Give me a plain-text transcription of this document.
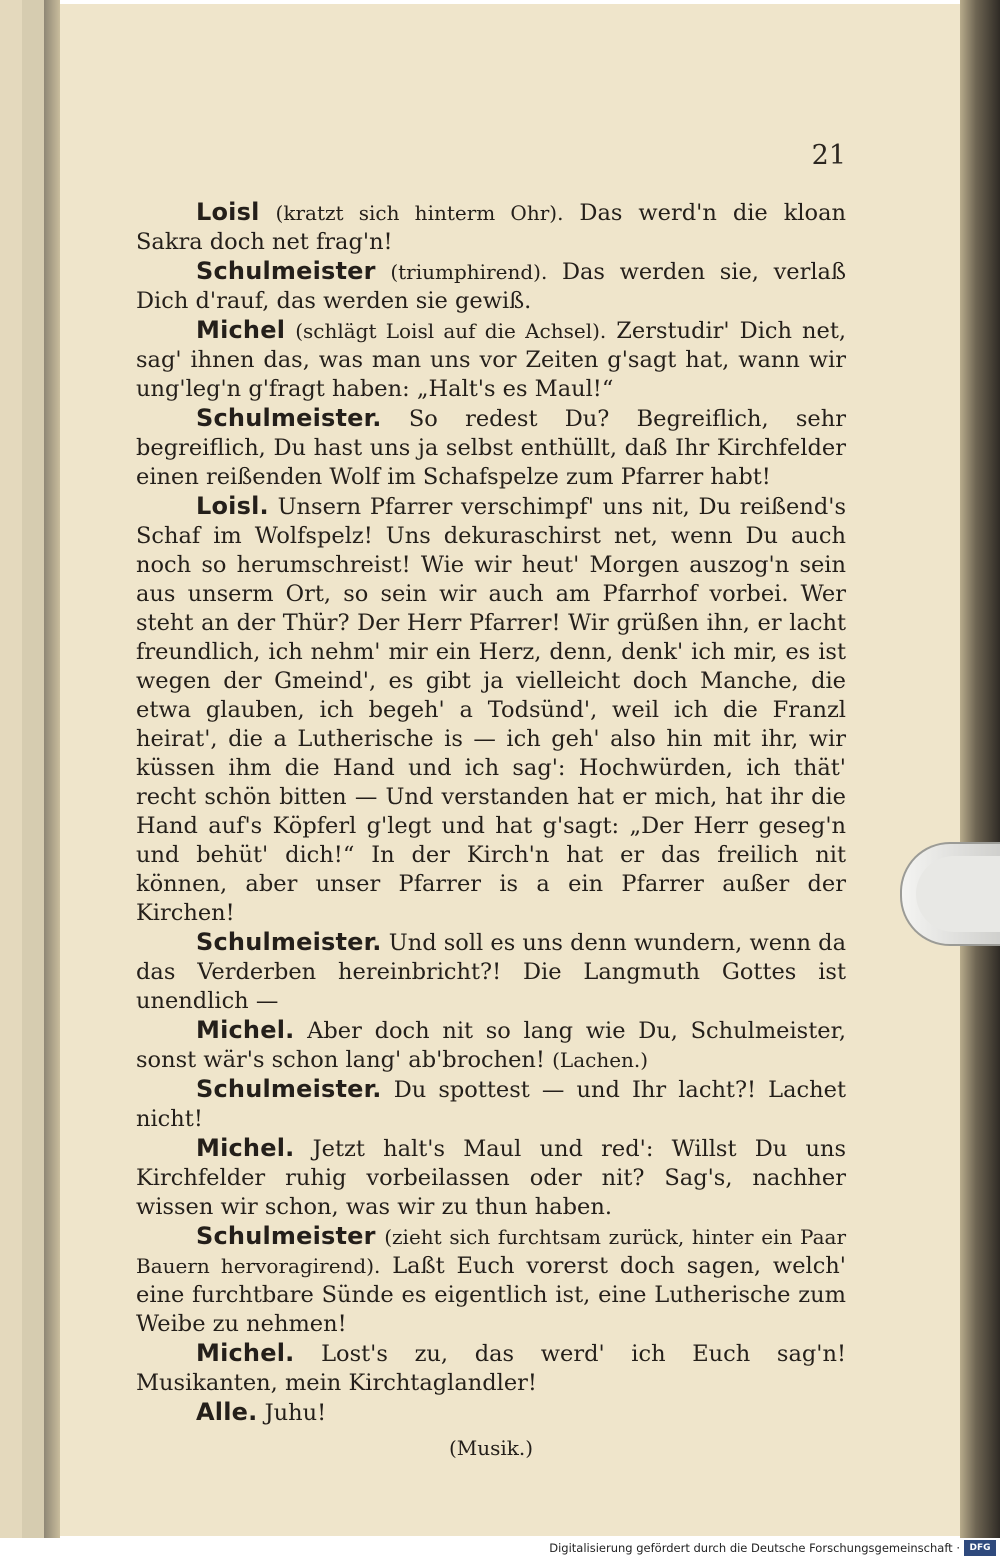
21

Loisl (kratzt sich hinterm Ohr). Das werd'n die kloan Sakra doch net frag'n!

Schulmeister (triumphirend). Das werden sie, verlaß Dich d'rauf, das werden sie gewiß.

Michel (schlägt Loisl auf die Achsel). Zerstudir' Dich net, sag' ihnen das, was man uns vor Zeiten g'sagt hat, wann wir ung'leg'n g'fragt haben: „Halt's es Maul!“

Schulmeister. So redest Du? Begreiflich, sehr begreiflich, Du hast uns ja selbst enthüllt, daß Ihr Kirchfelder einen reißenden Wolf im Schafspelze zum Pfarrer habt!

Loisl. Unsern Pfarrer verschimpf' uns nit, Du reißend's Schaf im Wolfspelz! Uns dekuraschirst net, wenn Du auch noch so herumschreist! Wie wir heut' Morgen auszog'n sein aus unserm Ort, so sein wir auch am Pfarrhof vorbei. Wer steht an der Thür? Der Herr Pfarrer! Wir grüßen ihn, er lacht freundlich, ich nehm' mir ein Herz, denn, denk' ich mir, es ist wegen der Gmeind', es gibt ja vielleicht doch Manche, die etwa glauben, ich begeh' a Todsünd', weil ich die Franzl heirat', die a Lutherische is — ich geh' also hin mit ihr, wir küssen ihm die Hand und ich sag': Hochwürden, ich thät' recht schön bitten — Und verstanden hat er mich, hat ihr die Hand auf's Köpferl g'legt und hat g'sagt: „Der Herr geseg'n und behüt' dich!“ In der Kirch'n hat er das freilich nit können, aber unser Pfarrer is a ein Pfarrer außer der Kirchen!

Schulmeister. Und soll es uns denn wundern, wenn da das Verderben hereinbricht?! Die Langmuth Gottes ist unendlich —

Michel. Aber doch nit so lang wie Du, Schulmeister, sonst wär's schon lang' ab'brochen! (Lachen.)

Schulmeister. Du spottest — und Ihr lacht?! Lachet nicht!

Michel. Jetzt halt's Maul und red': Willst Du uns Kirchfelder ruhig vorbeilassen oder nit? Sag's, nachher wissen wir schon, was wir zu thun haben.

Schulmeister (zieht sich furchtsam zurück, hinter ein Paar Bauern hervoragirend). Laßt Euch vorerst doch sagen, welch' eine furchtbare Sünde es eigentlich ist, eine Lutherische zum Weibe zu nehmen!

Michel. Lost's zu, das werd' ich Euch sag'n! Musikanten, mein Kirchtaglandler!

Alle. Juhu!

(Musik.)

Digitalisierung gefördert durch die Deutsche Forschungsgemeinschaft ·	DFG
